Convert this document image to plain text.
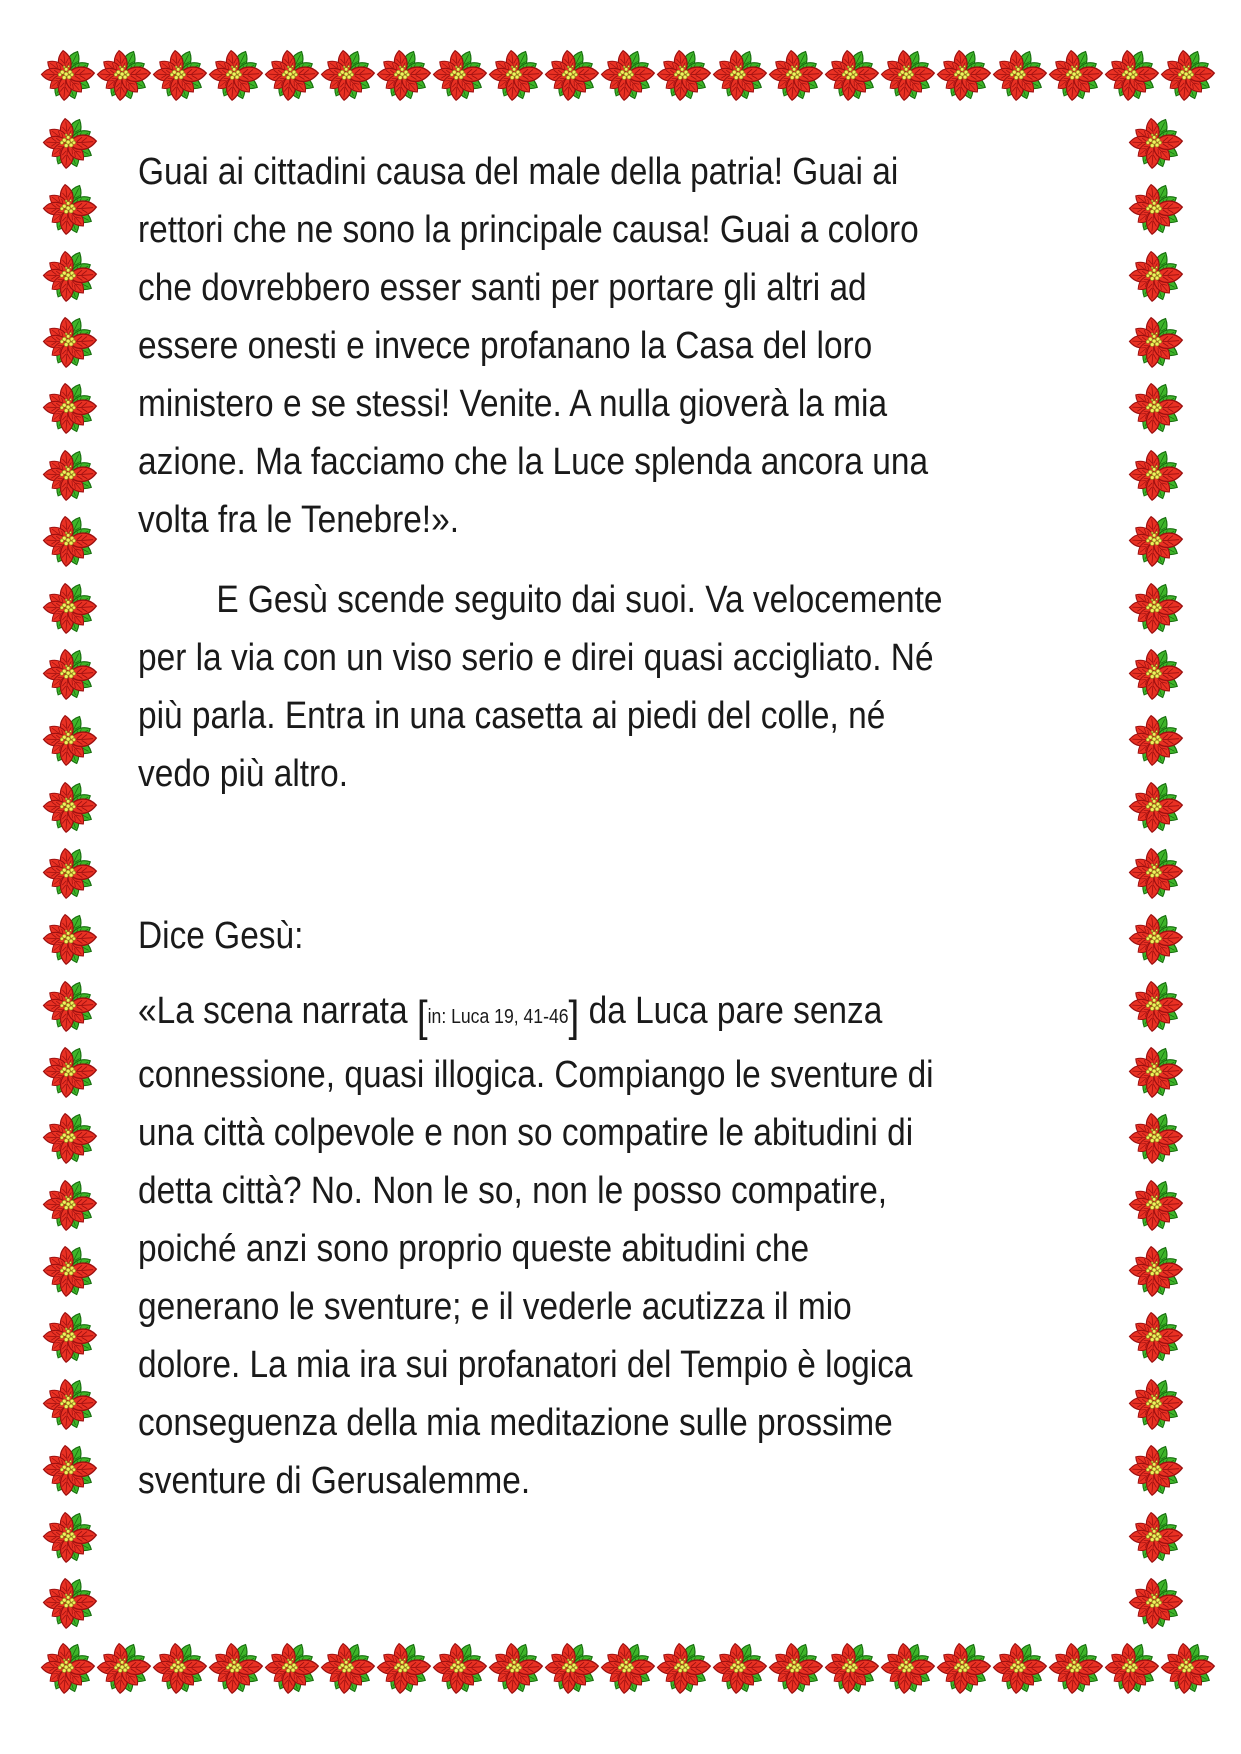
Guai ai cittadini causa del male della patria! Guai ai
rettori che ne sono la principale causa! Guai a coloro
che dovrebbero esser santi per portare gli altri ad
essere onesti e invece profanano la Casa del loro
ministero e se stessi! Venite. A nulla gioverà la mia
azione. Ma facciamo che la Luce splenda ancora una
volta fra le Tenebre!».
E Gesù scende seguito dai suoi. Va velocemente
per la via con un viso serio e direi quasi accigliato. Né
più parla. Entra in una casetta ai piedi del colle, né
vedo più altro.
Dice Gesù:
«La scena narrata [in: Luca 19, 41-46] da Luca pare senza
connessione, quasi illogica. Compiango le sventure di
una città colpevole e non so compatire le abitudini di
detta città? No. Non le so, non le posso compatire,
poiché anzi sono proprio queste abitudini che
generano le sventure; e il vederle acutizza il mio
dolore. La mia ira sui profanatori del Tempio è logica
conseguenza della mia meditazione sulle prossime
sventure di Gerusalemme.
